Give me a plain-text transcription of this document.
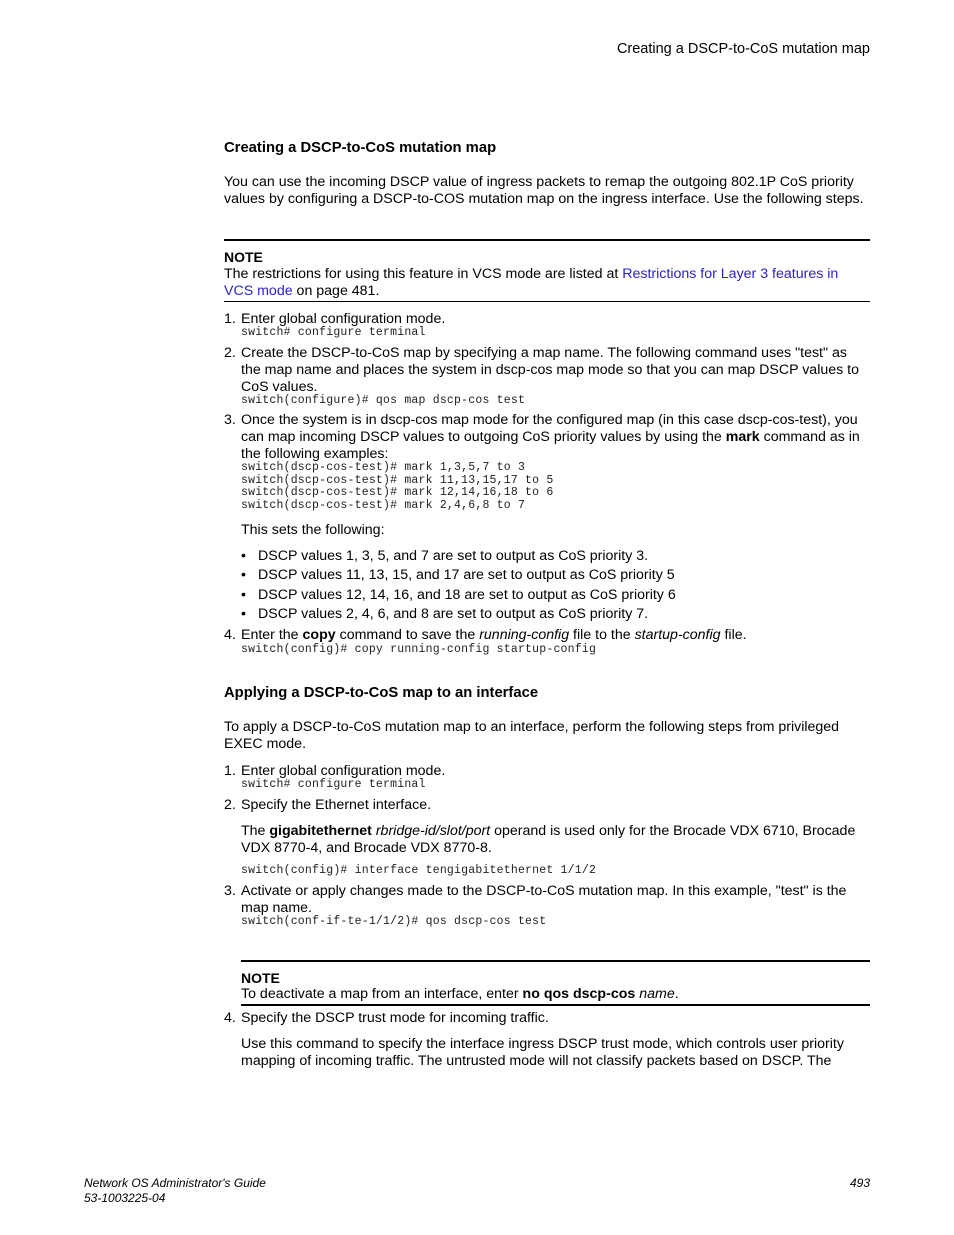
Creating a DSCP-to-CoS mutation map
Creating a DSCP-to-CoS mutation map
You can use the incoming DSCP value of ingress packets to remap the outgoing 802.1P CoS priority values by configuring a DSCP-to-COS mutation map on the ingress interface. Use the following steps.
NOTE
The restrictions for using this feature in VCS mode are listed at Restrictions for Layer 3 features in VCS mode on page 481.
1. Enter global configuration mode.
switch# configure terminal
2. Create the DSCP-to-CoS map by specifying a map name. The following command uses "test" as the map name and places the system in dscp-cos map mode so that you can map DSCP values to CoS values.
switch(configure)# qos map dscp-cos test
3. Once the system is in dscp-cos map mode for the configured map (in this case dscp-cos-test), you can map incoming DSCP values to outgoing CoS priority values by using the mark command as in the following examples:
switch(dscp-cos-test)# mark 1,3,5,7 to 3
switch(dscp-cos-test)# mark 11,13,15,17 to 5
switch(dscp-cos-test)# mark 12,14,16,18 to 6
switch(dscp-cos-test)# mark 2,4,6,8 to 7
This sets the following:
• DSCP values 1, 3, 5, and 7 are set to output as CoS priority 3.
• DSCP values 11, 13, 15, and 17 are set to output as CoS priority 5
• DSCP values 12, 14, 16, and 18 are set to output as CoS priority 6
• DSCP values 2, 4, 6, and 8 are set to output as CoS priority 7.
4. Enter the copy command to save the running-config file to the startup-config file.
switch(config)# copy running-config startup-config
Applying a DSCP-to-CoS map to an interface
To apply a DSCP-to-CoS mutation map to an interface, perform the following steps from privileged EXEC mode.
1. Enter global configuration mode.
switch# configure terminal
2. Specify the Ethernet interface.
The gigabitethernet rbridge-id/slot/port operand is used only for the Brocade VDX 6710, Brocade VDX 8770-4, and Brocade VDX 8770-8.
switch(config)# interface tengigabitethernet 1/1/2
3. Activate or apply changes made to the DSCP-to-CoS mutation map. In this example, "test" is the map name.
switch(conf-if-te-1/1/2)# qos dscp-cos test
NOTE
To deactivate a map from an interface, enter no qos dscp-cos name.
4. Specify the DSCP trust mode for incoming traffic.
Use this command to specify the interface ingress DSCP trust mode, which controls user priority mapping of incoming traffic. The untrusted mode will not classify packets based on DSCP. The
Network OS Administrator's Guide
53-1003225-04
493
